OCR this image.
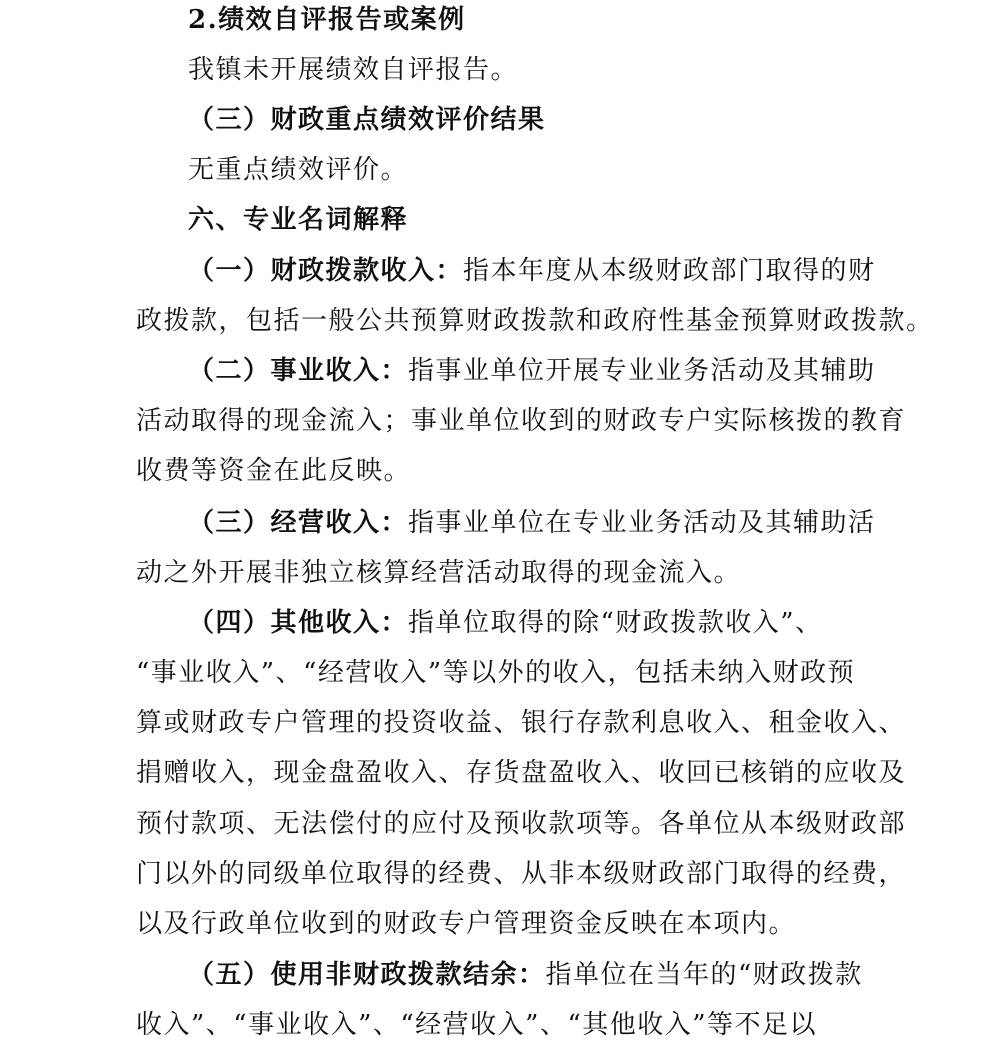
2.绩效自评报告或案例
我镇未开展绩效自评报告。
（三）财政重点绩效评价结果
无重点绩效评价。
六、专业名词解释
（一）财政拨款收入：指本年度从本级财政部门取得的财
政拨款，包括一般公共预算财政拨款和政府性基金预算财政拨款。
（二）事业收入：指事业单位开展专业业务活动及其辅助
活动取得的现金流入；事业单位收到的财政专户实际核拨的教育
收费等资金在此反映。
（三）经营收入：指事业单位在专业业务活动及其辅助活
动之外开展非独立核算经营活动取得的现金流入。
（四）其他收入：指单位取得的除“财政拨款收入”、
“事业收入”、“经营收入”等以外的收入，包括未纳入财政预
算或财政专户管理的投资收益、银行存款利息收入、租金收入、
捐赠收入，现金盘盈收入、存货盘盈收入、收回已核销的应收及
预付款项、无法偿付的应付及预收款项等。各单位从本级财政部
门以外的同级单位取得的经费、从非本级财政部门取得的经费，
以及行政单位收到的财政专户管理资金反映在本项内。
（五）使用非财政拨款结余：指单位在当年的“财政拨款
收入”、“事业收入”、“经营收入”、“其他收入”等不足以
